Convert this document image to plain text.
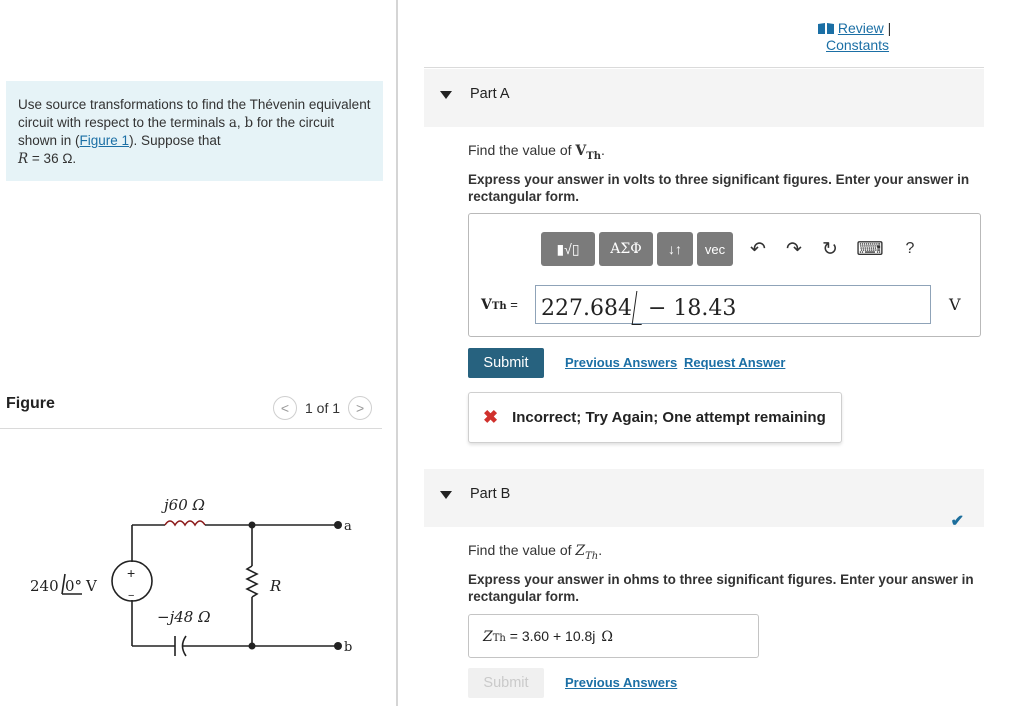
Use source transformations to find the Thévenin equivalent circuit with respect to the terminals a, b for the circuit shown in (Figure 1). Suppose that
R = 36 Ω.
Figure	<	1 of 1	>
j60 Ω
240 0° V
−j48 Ω
R
a
b
+
−
Review |
Constants
Part A
Find the value of $V_{Th}$.
Express your answer in volts to three significant figures. Enter your answer in rectangular form.
▮√▯	ΑΣΦ	↓↑	vec	↶	↷	↻ ⌨	?
VTh = 227.684 − 18.43	V
Submit	Previous Answers Request Answer
✖ Incorrect; Try Again; One attempt remaining
Part B
✔
Find the value of $Z_{Th}$.
Express your answer in ohms to three significant figures. Enter your answer in rectangular form.
ZTh = 3.60 + 10.8j Ω
Submit	Previous Answers
